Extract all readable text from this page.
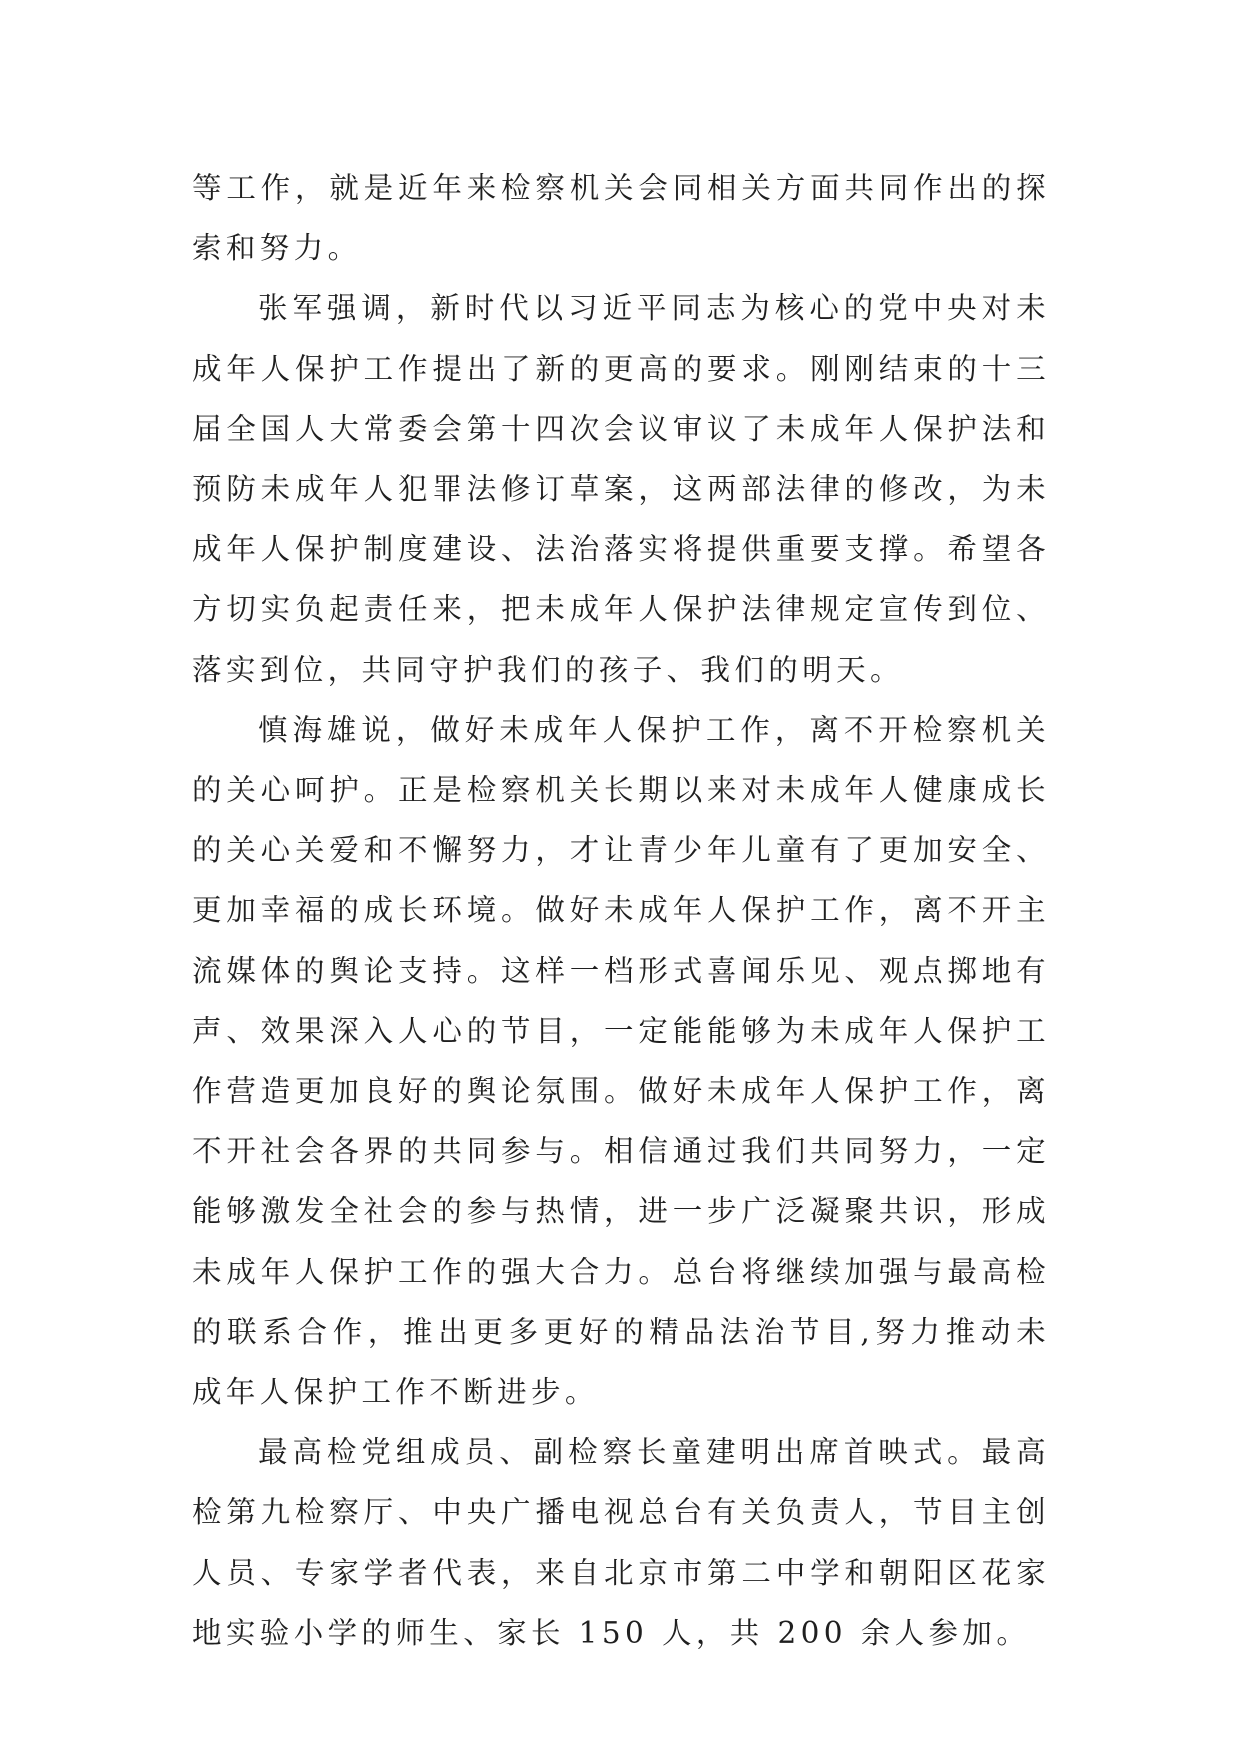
等工作，就是近年来检察机关会同相关方面共同作出的探索和努力。

张军强调，新时代以习近平同志为核心的党中央对未成年人保护工作提出了新的更高的要求。刚刚结束的十三届全国人大常委会第十四次会议审议了未成年人保护法和预防未成年人犯罪法修订草案，这两部法律的修改，为未成年人保护制度建设、法治落实将提供重要支撑。希望各方切实负起责任来，把未成年人保护法律规定宣传到位、落实到位，共同守护我们的孩子、我们的明天。

慎海雄说，做好未成年人保护工作，离不开检察机关的关心呵护。正是检察机关长期以来对未成年人健康成长的关心关爱和不懈努力，才让青少年儿童有了更加安全、更加幸福的成长环境。做好未成年人保护工作，离不开主流媒体的舆论支持。这样一档形式喜闻乐见、观点掷地有声、效果深入人心的节目，一定能能够为未成年人保护工作营造更加良好的舆论氛围。做好未成年人保护工作，离不开社会各界的共同参与。相信通过我们共同努力，一定能够激发全社会的参与热情，进一步广泛凝聚共识，形成未成年人保护工作的强大合力。总台将继续加强与最高检的联系合作，推出更多更好的精品法治节目,努力推动未成年人保护工作不断进步。

最高检党组成员、副检察长童建明出席首映式。最高检第九检察厅、中央广播电视总台有关负责人，节目主创人员、专家学者代表，来自北京市第二中学和朝阳区花家地实验小学的师生、家长 150 人，共 200 余人参加。
